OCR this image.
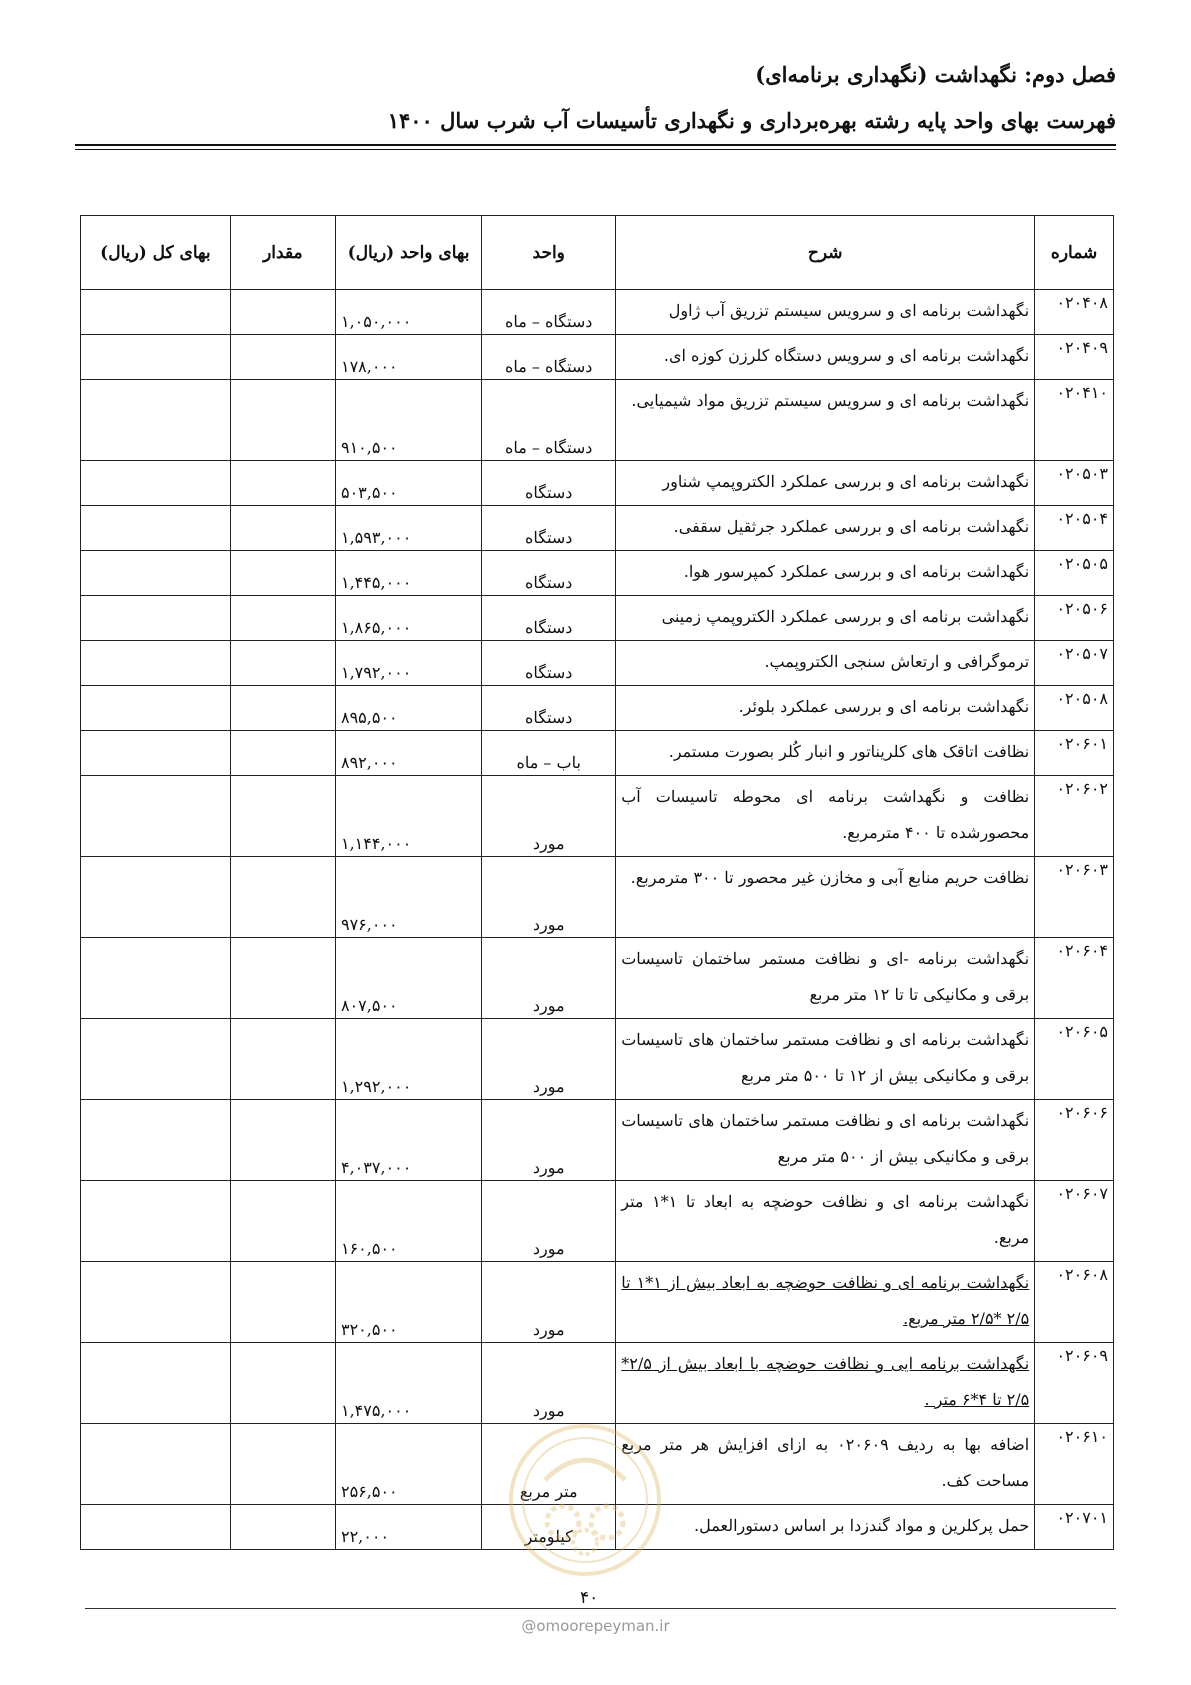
فصل دوم: نگهداشت (نگهداری برنامه‌ای)
فهرست بهای واحد پایه رشته بهره‌برداری و نگهداری تأسیسات آب شرب سال ۱۴۰۰
شماره	شرح	واحد	بهای واحد (ریال)	مقدار	بهای کل (ریال)
۰۲۰۴۰۸	نگهداشت برنامه ای و سرویس سیستم تزریق آب ژاول	دستگاه – ماه	۱,۰۵۰,۰۰۰		
۰۲۰۴۰۹	نگهداشت برنامه ای و سرویس دستگاه کلرزن کوزه ای.	دستگاه – ماه	۱۷۸,۰۰۰		
۰۲۰۴۱۰	نگهداشت برنامه ای و سرویس سیستم تزریق مواد شیمیایی.	دستگاه – ماه	۹۱۰,۵۰۰		
۰۲۰۵۰۳	نگهداشت برنامه ای و بررسی عملکرد الکتروپمپ شناور	دستگاه	۵۰۳,۵۰۰		
۰۲۰۵۰۴	نگهداشت برنامه ای و بررسی عملکرد جرثقیل سقفی.	دستگاه	۱,۵۹۳,۰۰۰		
۰۲۰۵۰۵	نگهداشت برنامه ای و بررسی عملکرد کمپرسور هوا.	دستگاه	۱,۴۴۵,۰۰۰		
۰۲۰۵۰۶	نگهداشت برنامه ای و بررسی عملکرد الکتروپمپ زمینی	دستگاه	۱,۸۶۵,۰۰۰		
۰۲۰۵۰۷	ترموگرافی و ارتعاش سنجی الکتروپمپ.	دستگاه	۱,۷۹۲,۰۰۰		
۰۲۰۵۰۸	نگهداشت برنامه ای و بررسی عملکرد بلوئر.	دستگاه	۸۹۵,۵۰۰		
۰۲۰۶۰۱	نظافت اتاقک های کلریناتور و انبار کُلر بصورت مستمر.	باب – ماه	۸۹۲,۰۰۰		
۰۲۰۶۰۲	نظافت و نگهداشت برنامه ای محوطه تاسیسات آب محصورشده تا ۴۰۰ مترمربع.	مورد	۱,۱۴۴,۰۰۰		
۰۲۰۶۰۳	نظافت حریم منابع آبی و مخازن غیر محصور تا ۳۰۰ مترمربع.	مورد	۹۷۶,۰۰۰		
۰۲۰۶۰۴	نگهداشت برنامه -ای و نظافت مستمر ساختمان تاسیسات برقی و مکانیکی تا تا ۱۲ متر مربع	مورد	۸۰۷,۵۰۰		
۰۲۰۶۰۵	نگهداشت برنامه ای و نظافت مستمر ساختمان های تاسیسات برقی و مکانیکی بیش از ۱۲ تا ۵۰۰ متر مربع	مورد	۱,۲۹۲,۰۰۰		
۰۲۰۶۰۶	نگهداشت برنامه ای و نظافت مستمر ساختمان های تاسیسات برقی و مکانیکی بیش از ۵۰۰ متر مربع	مورد	۴,۰۳۷,۰۰۰		
۰۲۰۶۰۷	نگهداشت برنامه ای و نظافت حوضچه به ابعاد تا ۱*۱ متر مربع.	مورد	۱۶۰,۵۰۰		
۰۲۰۶۰۸	نگهداشت برنامه ای و نظافت حوضچه به ابعاد بیش از ۱*۱ تا ۲/۵ *۲/۵ متر مربع.	مورد	۳۲۰,۵۰۰		
۰۲۰۶۰۹	نگهداشت برنامه ایی و نظافت حوضچه با ابعاد بیش از ۲/۵* ۲/۵ تا ۴*۶ متر .	مورد	۱,۴۷۵,۰۰۰		
۰۲۰۶۱۰	اضافه بها به ردیف ۰۲۰۶۰۹ به ازای افزایش هر متر مربع مساحت کف.	متر مربع	۲۵۶,۵۰۰		
۰۲۰۷۰۱	حمل پرکلرین و مواد گندزدا بر اساس دستورالعمل.	کیلومتر	۲۲,۰۰۰		
۴۰
@omoorepeyman.ir
